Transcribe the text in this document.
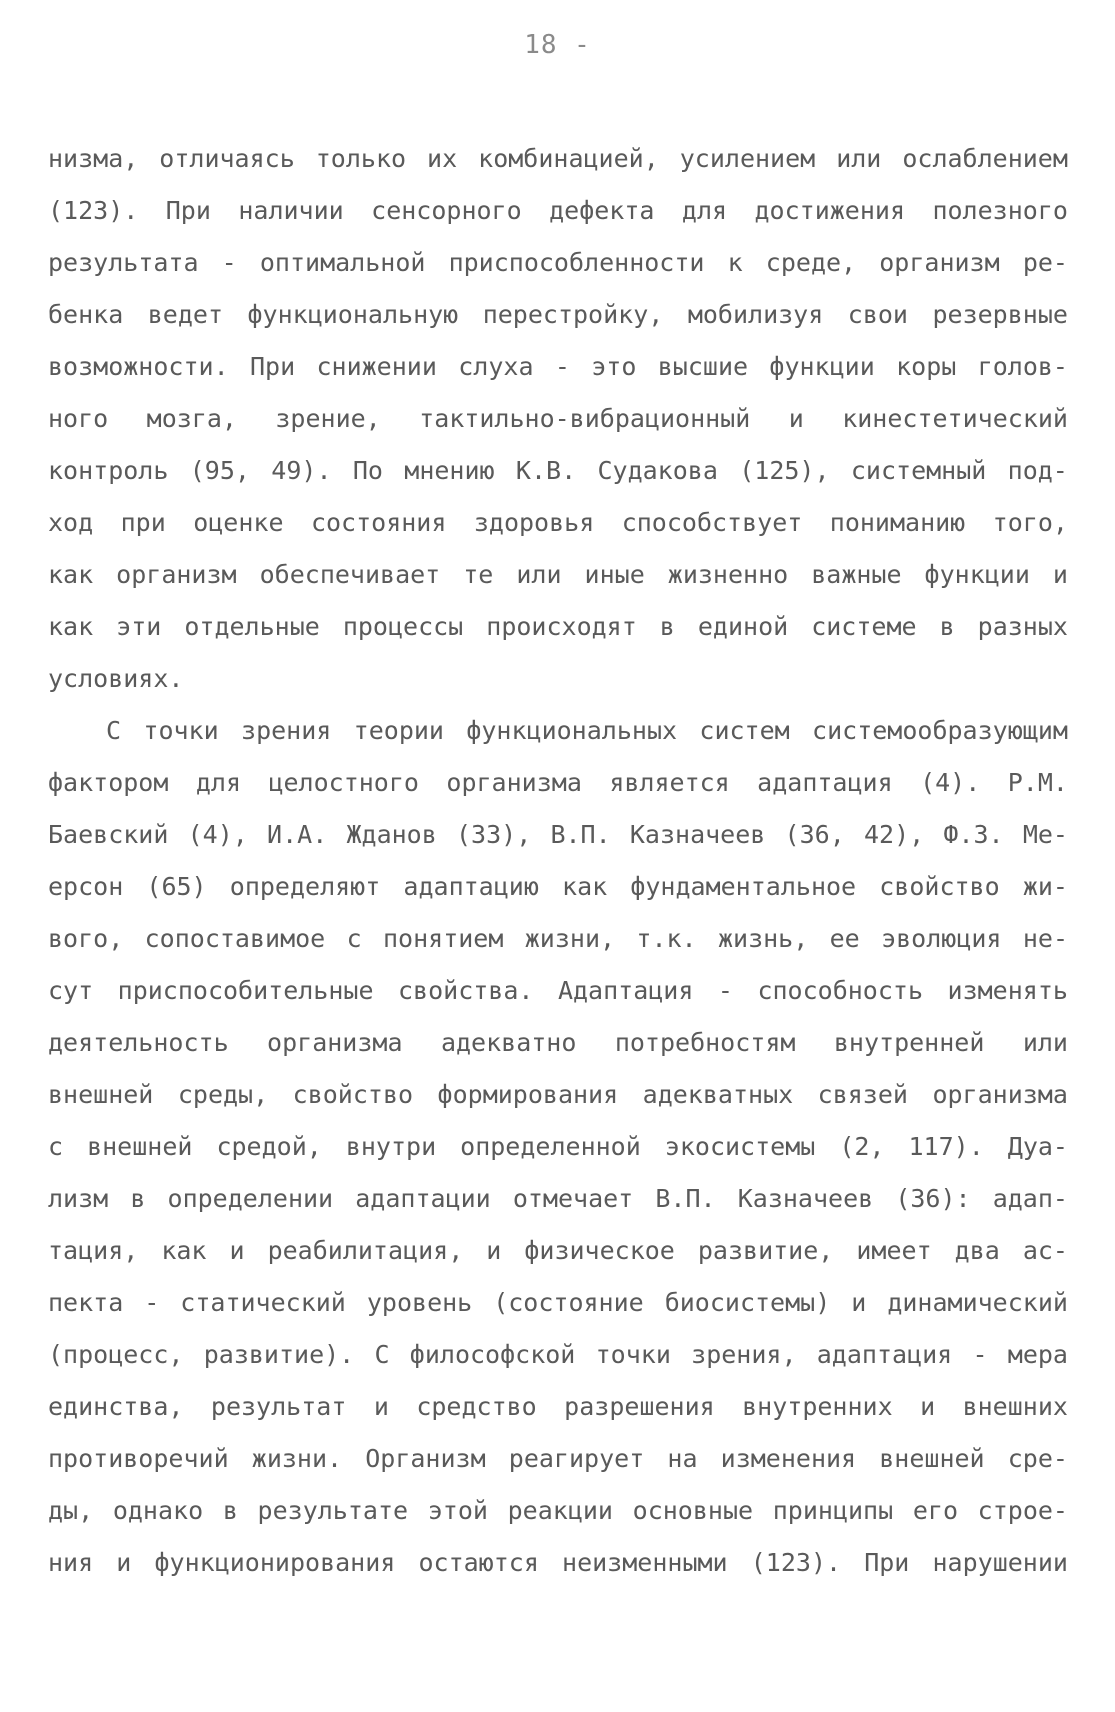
18 -
низма, отличаясь только их комбинацией, усилением или ослаблением
(123). При наличии сенсорного дефекта для достижения полезного
результата - оптимальной приспособленности к среде, организм ре-
бенка ведет функциональную перестройку, мобилизуя свои резервные
возможности. При снижении слуха - это высшие функции коры голов-
ного мозга, зрение, тактильно-вибрационный и кинестетический
контроль (95, 49). По мнению К.В. Судакова (125), системный под-
ход при оценке состояния здоровья способствует пониманию того,
как организм обеспечивает те или иные жизненно важные функции и
как эти отдельные процессы происходят в единой системе в разных
условиях.
С точки зрения теории функциональных систем системообразующим
фактором для целостного организма является адаптация (4). Р.М.
Баевский (4), И.А. Жданов (33), В.П. Казначеев (36, 42), Ф.З. Ме-
ерсон (65) определяют адаптацию как фундаментальное свойство жи-
вого, сопоставимое с понятием жизни, т.к. жизнь, ее эволюция не-
сут приспособительные свойства. Адаптация - способность изменять
деятельность организма адекватно потребностям внутренней или
внешней среды, свойство формирования адекватных связей организма
с внешней средой, внутри определенной экосистемы (2, 117). Дуа-
лизм в определении адаптации отмечает В.П. Казначеев (36): адап-
тация, как и реабилитация, и физическое развитие, имеет два ас-
пекта - статический уровень (состояние биосистемы) и динамический
(процесс, развитие). С философской точки зрения, адаптация - мера
единства, результат и средство разрешения внутренних и внешних
противоречий жизни. Организм реагирует на изменения внешней сре-
ды, однако в результате этой реакции основные принципы его строе-
ния и функционирования остаются неизменными (123). При нарушении
